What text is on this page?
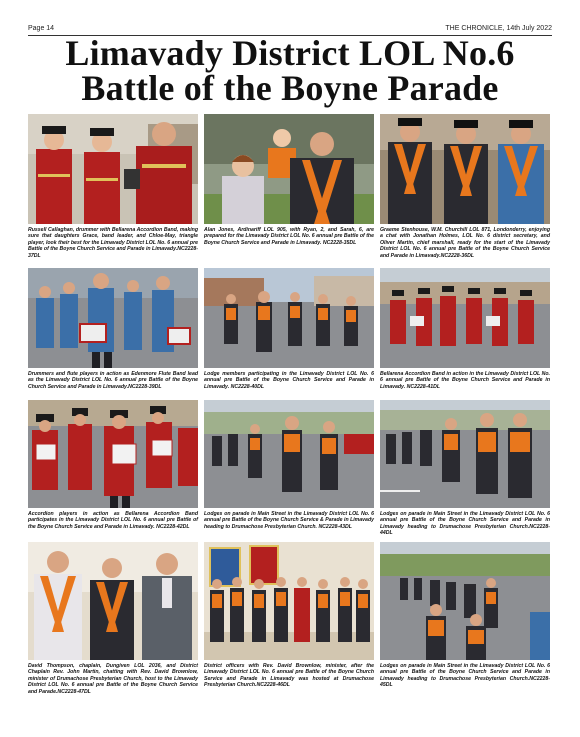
Page 14	THE CHRONICLE, 14th July 2022
Limavady District LOL No.6
Battle of the Boyne Parade
Russell Callaghan, drummer with Bellarena Accordion Band, making sure that daughters Grace, band leader, and Chloe-May, triangle player, look their best for the Limavady District LOL No. 6 annual pre Battle of the Boyne Church Service and Parade in Limavady.NC2228-37DL
Alan Jones, Ardinariff LOL 905, with Ryan, 2, and Sarah, 6, are prepared for the Limavady District LOL No. 6 annual pre Battle of the Boyne Church Service and Parade in Limavady. NC2228-35DL
Graeme Stenhouse, W.M. Churchill LOL 871, Londonderry, enjoying a chat with Jonathan Holmes, LOL No. 6 district secretary, and Oliver Martin, chief marshall, ready for the start of the Limavady District LOL No. 6 annual pre Battle of the Boyne Church Service and Parade in Limavady.NC2228-36DL
Drummers and flute players in action as Edenmore Flute Band lead as the Limavady District LOL No. 6 annual pre Battle of the Boyne Church Service and Parade in Limavady.NC2228-39DL
Lodge members participating in the Limavady District LOL No. 6 annual pre Battle of the Boyne Church Service and Parade in Limavady. NC2228-40DL
Bellarena Accordion Band in action in the Limavady District LOL No. 6 annual pre Battle of the Boyne Church Service and Parade in Limavady. NC2228-41DL
Accordion players in action as Bellarena Accordion Band participates in the Limavady District LOL No. 6 annual pre Battle of the Boyne Church Service and Parade in Limavady. NC2228-42DL
Lodges on parade in Main Street in the Limavady District LOL No. 6 annual pre Battle of the Boyne Church Service & Parade in Limavady heading to Drumachose Presbyterian Church. NC2228-43DL
Lodges on parade in Main Street in the Limavady District LOL No. 6 annual pre Battle of the Boyne Church Service and Parade in Limavady heading to Drumachose Presbyterian Church.NC2228-44DL
David Thompson, chaplain, Dungiven LOL 2036, and District Chaplain Rev. John Martin, chatting with Rev. David Brownlow, minister of Drumachose Presbyterian Church, host to the Limavady District LOL No. 6 annual pre Battle of the Boyne Church Service and Parade.NC2228-47DL
District officers with Rev. David Brownlow, minister, after the Limavady District LOL No. 6 annual pre Battle of the Boyne Church Service and Parade in Limavady was hosted at Drumachose Presbyterian Church.NC2228-46DL
Lodges on parade in Main Street in the Limavady District LOL No. 6 annual pre Battle of the Boyne Church Service and Parade in Limavady heading to Drumachose Presbyterian Church.NC2228-45DL
